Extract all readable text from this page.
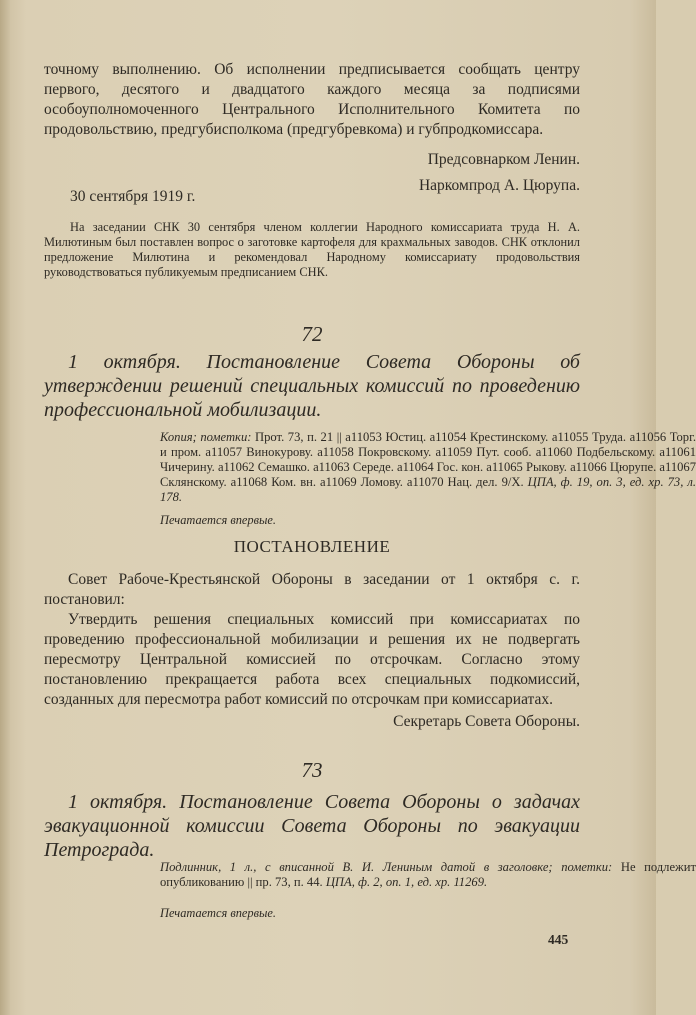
точному выполнению. Об исполнении предписывается сообщать центру первого, десятого и двадцатого каждого месяца за подписями особоуполномоченного Центрального Исполнительного Комитета по продовольствию, предгубисполкома (предгубревкома) и губпродкомиссара.
Предсовнарком Ленин.
Наркомпрод А. Цюрупа.
30 сентября 1919 г.
На заседании СНК 30 сентября членом коллегии Народного комиссариата труда Н. А. Милютиным был поставлен вопрос о заготовке картофеля для крахмальных заводов. СНК отклонил предложение Милютина и рекомендовал Народному комиссариату продовольствия руководствоваться публикуемым предписанием СНК.
72
1 октября. Постановление Совета Обороны об утверждении решений специальных комиссий по проведению профессиональной мобилизации.
Копия; пометки: Прот. 73, п. 21 || а11053 Юстиц. а11054 Крестинскому. а11055 Труда. а11056 Торг. и пром. а11057 Винокурову. а11058 Покровскому. а11059 Пут. сооб. а11060 Подбельскому. а11061 Чичерину. а11062 Семашко. а11063 Середе. а11064 Гос. кон. а11065 Рыкову. а11066 Цюрупе. а11067 Склянскому. а11068 Ком. вн. а11069 Ломову. а11070 Нац. дел. 9/Х. ЦПА, ф. 19, оп. 3, ед. хр. 73, л. 178.
Печатается впервые.
ПОСТАНОВЛЕНИЕ
Совет Рабоче-Крестьянской Обороны в заседании от 1 октября с. г. постановил:
Утвердить решения специальных комиссий при комиссариатах по проведению профессиональной мобилизации и решения их не подвергать пересмотру Центральной комиссией по отсрочкам. Согласно этому постановлению прекращается работа всех специальных подкомиссий, созданных для пересмотра работ комиссий по отсрочкам при комиссариатах.
Секретарь Совета Обороны.
73
1 октября. Постановление Совета Обороны о задачах эвакуационной комиссии Совета Обороны по эвакуации Петрограда.
Подлинник, 1 л., с вписанной В. И. Лениным датой в заголовке; пометки: Не подлежит опубликованию || пр. 73, п. 44. ЦПА, ф. 2, оп. 1, ед. хр. 11269.
Печатается впервые.
445
